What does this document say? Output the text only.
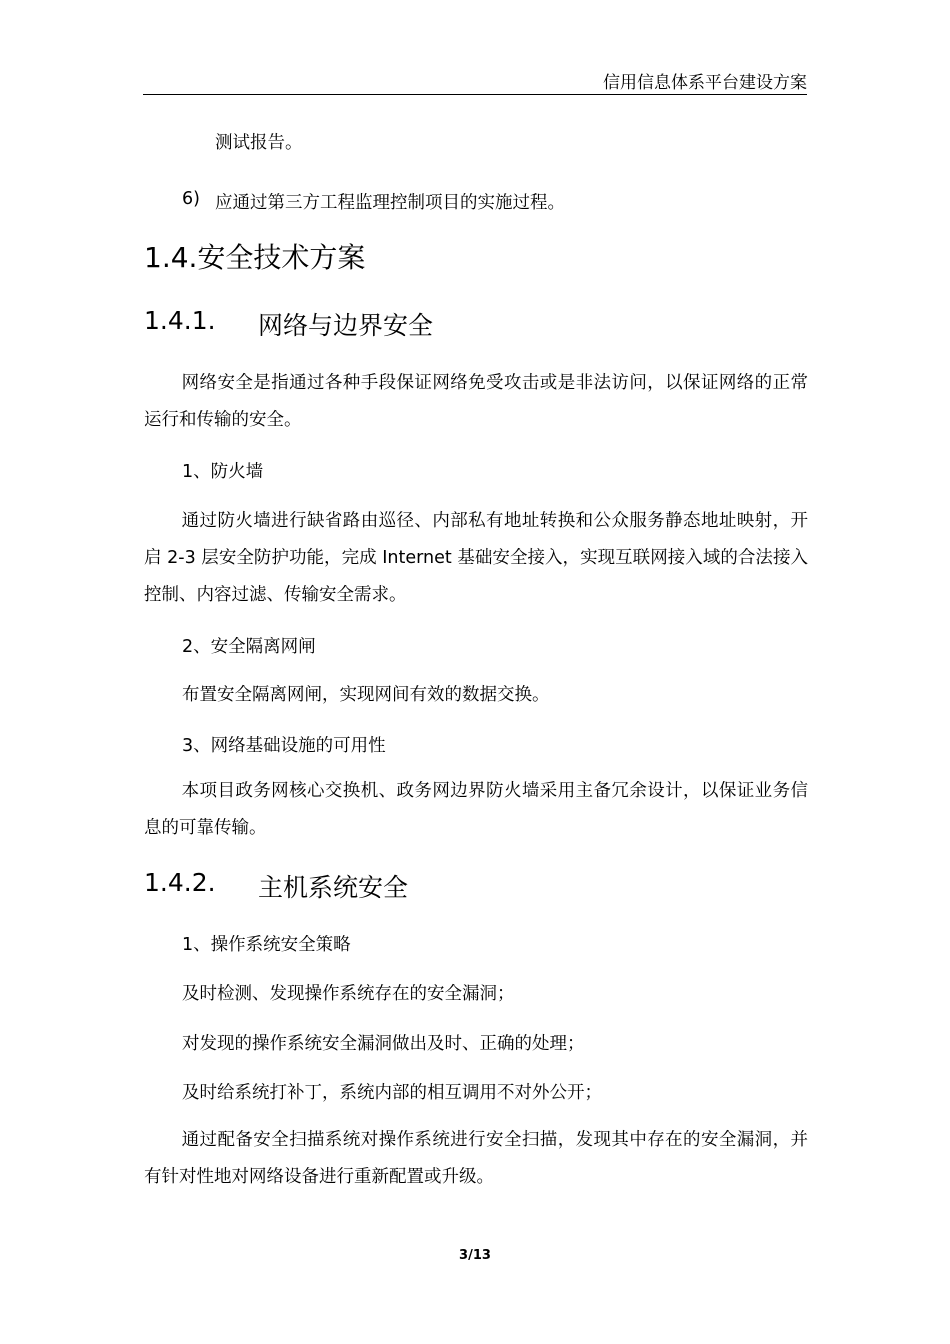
信用信息体系平台建设方案
测试报告。
6) 应通过第三方工程监理控制项目的实施过程。
1.4.安全技术方案
1.4.1. 网络与边界安全
网络安全是指通过各种手段保证网络免受攻击或是非法访问，以保证网络的正常运行和传输的安全。
1、防火墙
通过防火墙进行缺省路由巡径、内部私有地址转换和公众服务静态地址映射，开启 2-3 层安全防护功能，完成 Internet 基础安全接入，实现互联网接入域的合法接入控制、内容过滤、传输安全需求。
2、安全隔离网闸
布置安全隔离网闸，实现网间有效的数据交换。
3、网络基础设施的可用性
本项目政务网核心交换机、政务网边界防火墙采用主备冗余设计，以保证业务信息的可靠传输。
1.4.2. 主机系统安全
1、操作系统安全策略
及时检测、发现操作系统存在的安全漏洞；
对发现的操作系统安全漏洞做出及时、正确的处理；
及时给系统打补丁，系统内部的相互调用不对外公开；
通过配备安全扫描系统对操作系统进行安全扫描，发现其中存在的安全漏洞，并有针对性地对网络设备进行重新配置或升级。
3/13
